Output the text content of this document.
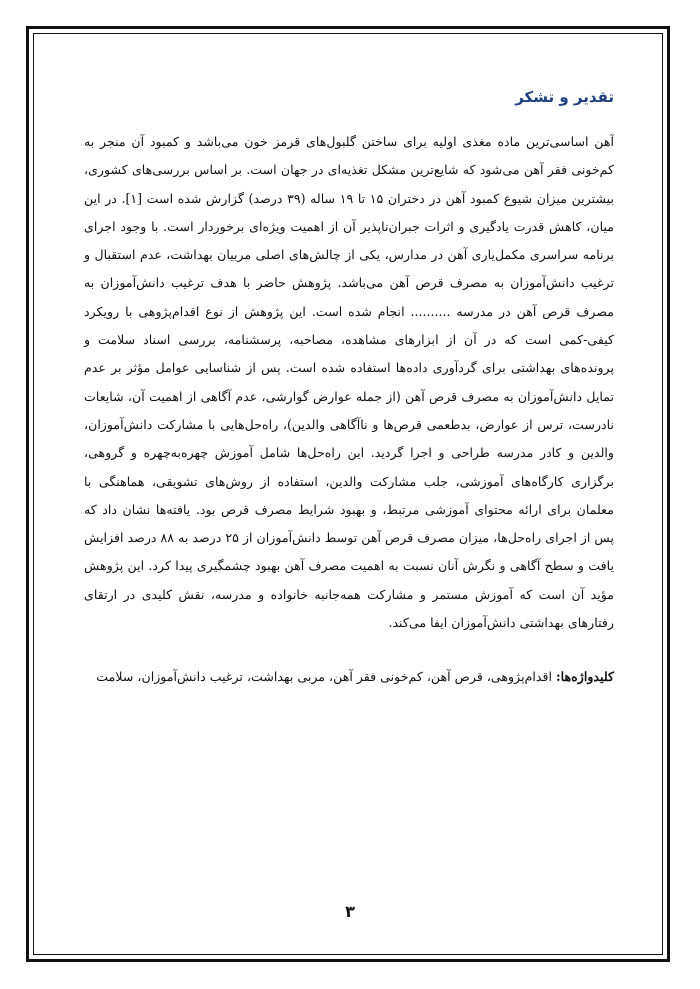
تقدیر و تشکر

آهن اساسی‌ترین ماده مغذی اولیه برای ساختن گلبول‌های قرمز خون می‌باشد و کمبود آن منجر به کم‌خونی فقر آهن می‌شود که شایع‌ترین مشکل تغذیه‌ای در جهان است. بر اساس بررسی‌های کشوری، بیشترین میزان شیوع کمبود آهن در دختران ۱۵ تا ۱۹ ساله (۳۹ درصد) گزارش شده است [۱]. در این میان، کاهش قدرت یادگیری و اثرات جبران‌ناپذیر آن از اهمیت ویژه‌ای برخوردار است. با وجود اجرای برنامه سراسری مکمل‌یاری آهن در مدارس، یکی از چالش‌های اصلی مربیان بهداشت، عدم استقبال و ترغیب دانش‌آموزان به مصرف قرص آهن می‌باشد. پژوهش حاضر با هدف ترغیب دانش‌آموزان به مصرف قرص آهن در مدرسه .......... انجام شده است. این پژوهش از نوع اقدام‌پژوهی با رویکرد کیفی-کمی است که در آن از ابزارهای مشاهده، مصاحبه، پرسشنامه، بررسی اسناد سلامت و پرونده‌های بهداشتی برای گردآوری داده‌ها استفاده شده است. پس از شناسایی عوامل مؤثر بر عدم تمایل دانش‌آموزان به مصرف قرص آهن (از جمله عوارض گوارشی، عدم آگاهی از اهمیت آن، شایعات نادرست، ترس از عوارض، بدطعمی قرص‌ها و ناآگاهی والدین)، راه‌حل‌هایی با مشارکت دانش‌آموزان، والدین و کادر مدرسه طراحی و اجرا گردید. این راه‌حل‌ها شامل آموزش چهره‌به‌چهره و گروهی، برگزاری کارگاه‌های آموزشی، جلب مشارکت والدین، استفاده از روش‌های تشویقی، هماهنگی با معلمان برای ارائه محتوای آموزشی مرتبط، و بهبود شرایط مصرف قرص بود. یافته‌ها نشان داد که پس از اجرای راه‌حل‌ها، میزان مصرف قرص آهن توسط دانش‌آموزان از ۲۵ درصد به ۸۸ درصد افزایش یافت و سطح آگاهی و نگرش آنان نسبت به اهمیت مصرف آهن بهبود چشمگیری پیدا کرد. این پژوهش مؤید آن است که آموزش مستمر و مشارکت همه‌جانبه خانواده و مدرسه، نقش کلیدی در ارتقای رفتارهای بهداشتی دانش‌آموزان ایفا می‌کند.

کلیدواژه‌ها: اقدام‌پژوهی، قرص آهن، کم‌خونی فقر آهن، مربی بهداشت، ترغیب دانش‌آموزان، سلامت

۳
